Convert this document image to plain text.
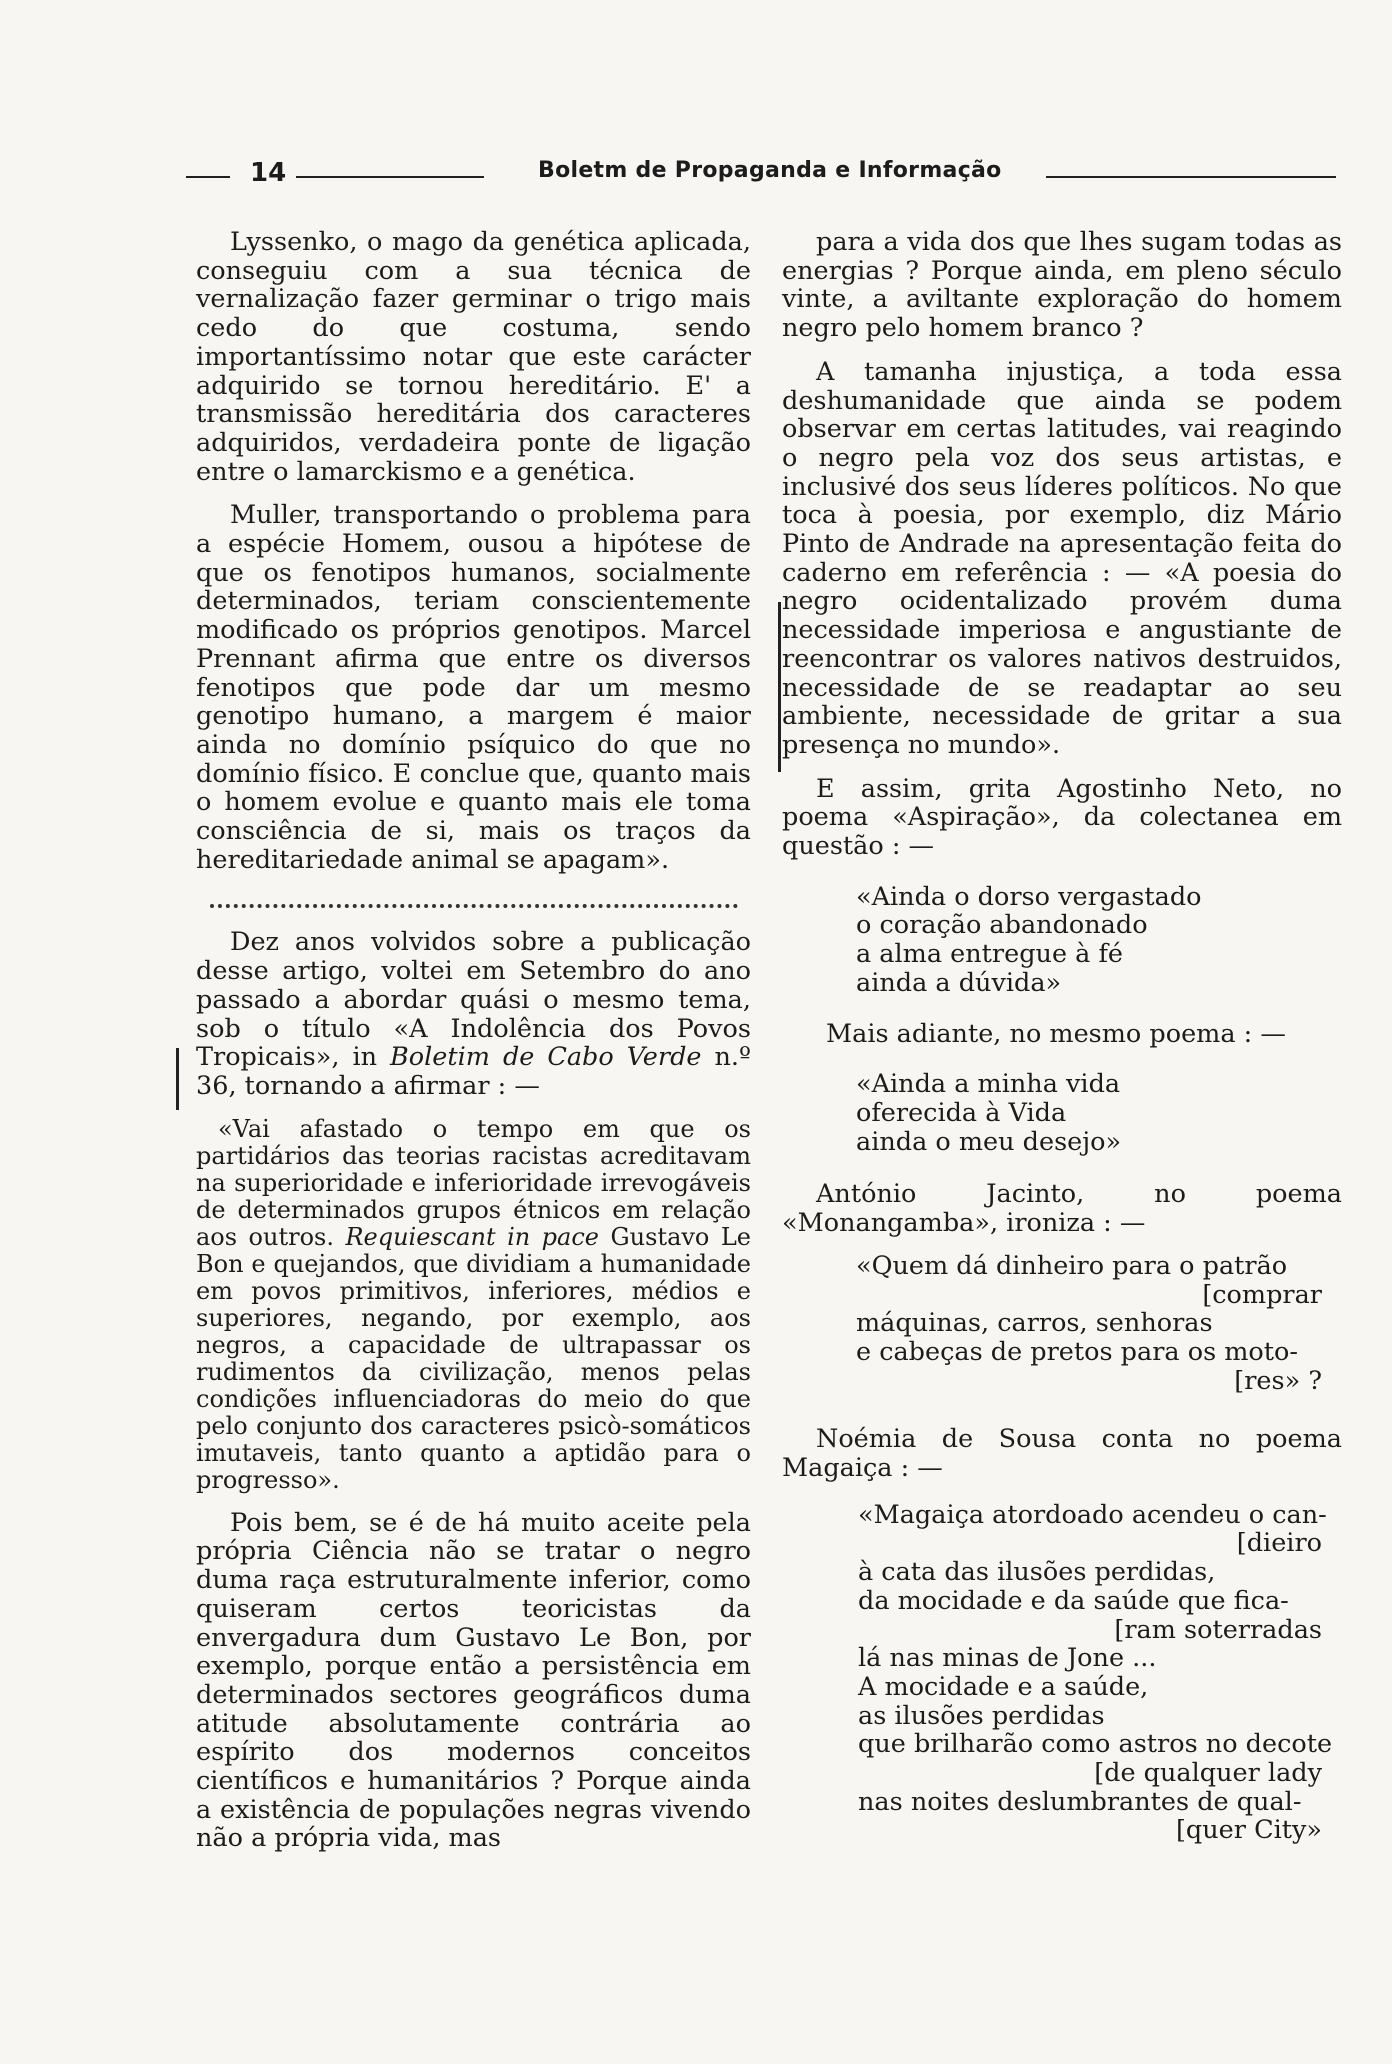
14	Boletm de Propaganda e Informação

Lyssenko, o mago da genética aplicada, conseguiu com a sua técnica de vernalização fazer germinar o trigo mais cedo do que costuma, sendo importantíssimo notar que este carácter adquirido se tornou hereditário. E' a transmissão hereditária dos caracteres adquiridos, verdadeira ponte de ligação entre o lamarckismo e a genética.

Muller, transportando o problema para a espécie Homem, ousou a hipótese de que os fenotipos humanos, socialmente determinados, teriam conscientemente modificado os próprios genotipos. Marcel Prennant afirma que entre os diversos fenotipos que pode dar um mesmo genotipo humano, a margem é maior ainda no domínio psíquico do que no domínio físico. E conclue que, quanto mais o homem evolue e quanto mais ele toma consciência de si, mais os traços da hereditariedade animal se apagam».

Dez anos volvidos sobre a publicação desse artigo, voltei em Setembro do ano passado a abordar quási o mesmo tema, sob o título «A Indolência dos Povos Tropicais», in Boletim de Cabo Verde n.º 36, tornando a afirmar : —

«Vai afastado o tempo em que os partidários das teorias racistas acreditavam na superioridade e inferioridade irrevogáveis de determinados grupos étnicos em relação aos outros. Requiescant in pace Gustavo Le Bon e quejandos, que dividiam a humanidade em povos primitivos, inferiores, médios e superiores, negando, por exemplo, aos negros, a capacidade de ultrapassar os rudimentos da civilização, menos pelas condições influenciadoras do meio do que pelo conjunto dos caracteres psicò-somáticos imutaveis, tanto quanto a aptidão para o progresso».

Pois bem, se é de há muito aceite pela própria Ciência não se tratar o negro duma raça estruturalmente inferior, como quiseram certos teoricistas da envergadura dum Gustavo Le Bon, por exemplo, porque então a persistência em determinados sectores geográficos duma atitude absolutamente contrária ao espírito dos modernos conceitos científicos e humanitários ? Porque ainda a existência de populações negras vivendo não a própria vida, mas

para a vida dos que lhes sugam todas as energias ? Porque ainda, em pleno século vinte, a aviltante exploração do homem negro pelo homem branco ?

A tamanha injustiça, a toda essa deshumanidade que ainda se podem observar em certas latitudes, vai reagindo o negro pela voz dos seus artistas, e inclusivé dos seus líderes políticos. No que toca à poesia, por exemplo, diz Mário Pinto de Andrade na apresentação feita do caderno em referência : — «A poesia do negro ocidentalizado provém duma necessidade imperiosa e angustiante de reencontrar os valores nativos destruidos, necessidade de se readaptar ao seu ambiente, necessidade de gritar a sua presença no mundo».

E assim, grita Agostinho Neto, no poema «Aspiração», da colectanea em questão : —

«Ainda o dorso vergastado
o coração abandonado
a alma entregue à fé
ainda a dúvida»

Mais adiante, no mesmo poema : —

«Ainda a minha vida
oferecida à Vida
ainda o meu desejo»

António Jacinto, no poema «Monangamba», ironiza : —

«Quem dá dinheiro para o patrão
[comprar
máquinas, carros, senhoras
e cabeças de pretos para os moto-
[res» ?

Noémia de Sousa conta no poema Magaiça : —

«Magaiça atordoado acendeu o can-
[dieiro
à cata das ilusões perdidas,
da mocidade e da saúde que fica-
[ram soterradas
lá nas minas de Jone ...
A mocidade e a saúde,
as ilusões perdidas
que brilharão como astros no decote
[de qualquer lady
nas noites deslumbrantes de qual-
[quer City»
